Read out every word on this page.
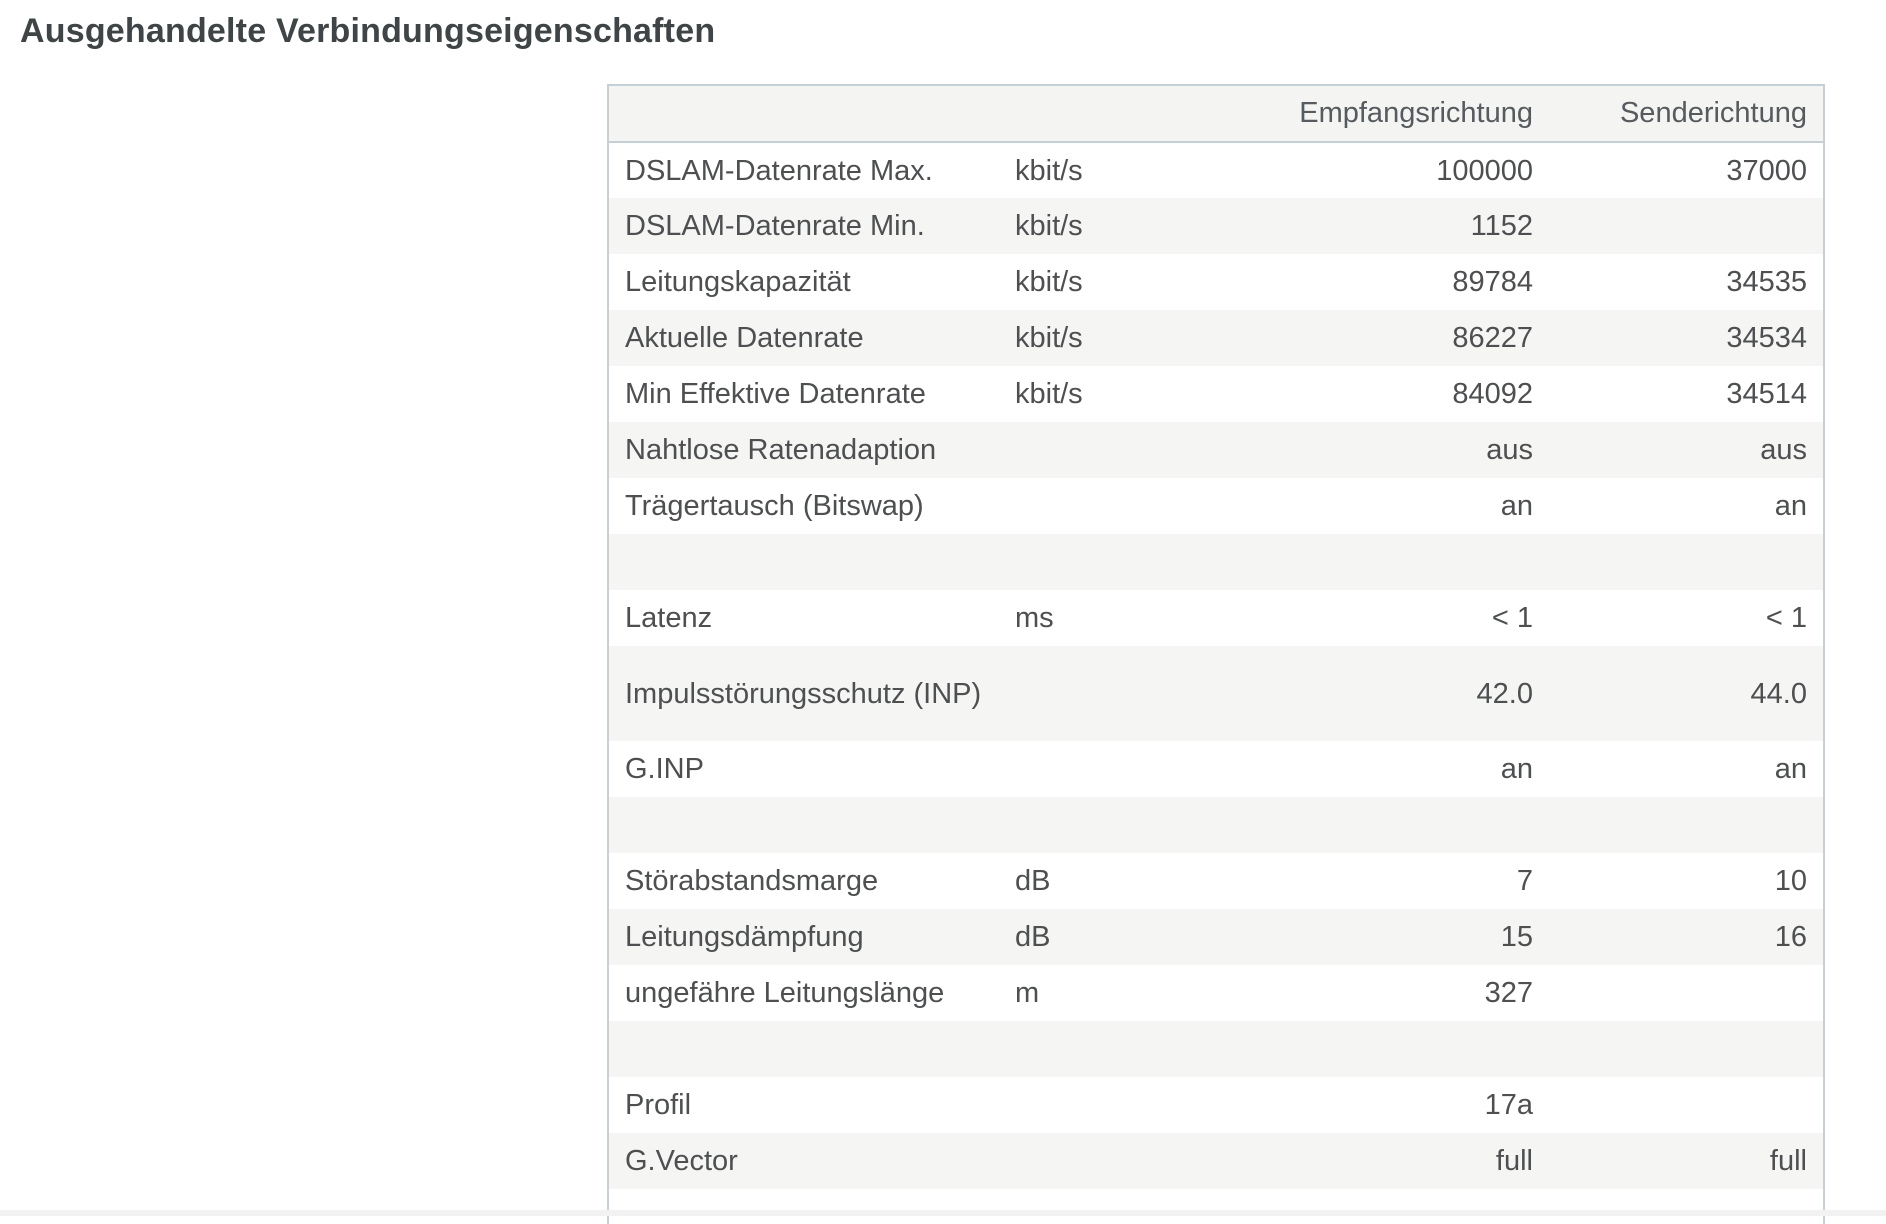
Ausgehandelte Verbindungseigenschaften
		Empfangsrichtung	Senderichtung
DSLAM-Datenrate Max.	kbit/s	100000	37000
DSLAM-Datenrate Min.	kbit/s	1152	
Leitungskapazität	kbit/s	89784	34535
Aktuelle Datenrate	kbit/s	86227	34534
Min Effektive Datenrate	kbit/s	84092	34514
Nahtlose Ratenadaption		aus	aus
Trägertausch (Bitswap)		an	an

Latenz	ms	< 1	< 1
Impulsstörungsschutz (INP)		42.0	44.0
G.INP		an	an

Störabstandsmarge	dB	7	10
Leitungsdämpfung	dB	15	16
ungefähre Leitungslänge	m	327	

Profil		17a	
G.Vector		full	full
